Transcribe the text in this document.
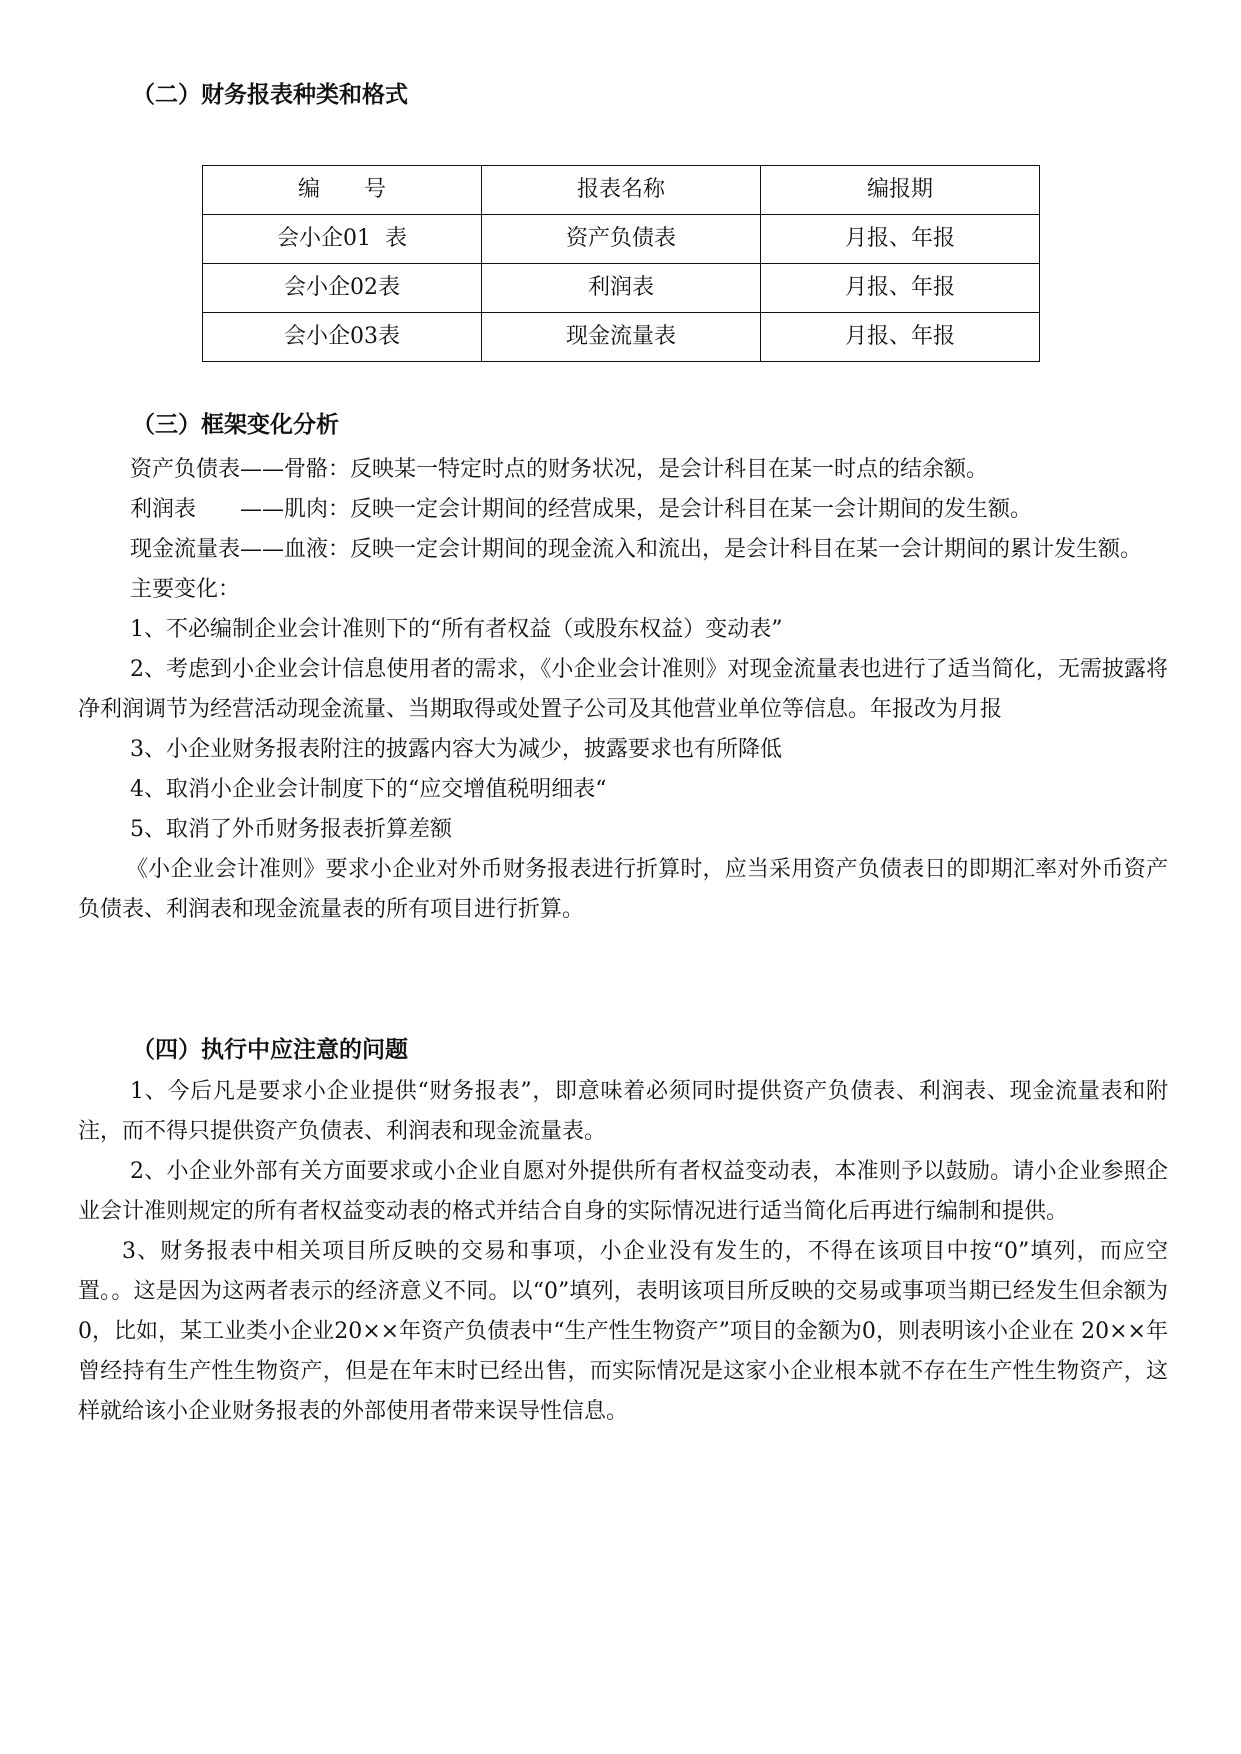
（二）财务报表种类和格式
编　　号	报表名称	编报期
会小企01  表	资产负债表	月报、年报
会小企02表	利润表	月报、年报
会小企03表	现金流量表	月报、年报
（三）框架变化分析

资产负债表——骨骼：反映某一特定时点的财务状况，是会计科目在某一时点的结余额。

利润表　　——肌肉：反映一定会计期间的经营成果，是会计科目在某一会计期间的发生额。

现金流量表——血液：反映一定会计期间的现金流入和流出，是会计科目在某一会计期间的累计发生额。

主要变化：

1、不必编制企业会计准则下的“所有者权益（或股东权益）变动表”

2、考虑到小企业会计信息使用者的需求，《小企业会计准则》对现金流量表也进行了适当简化，无需披露将净利润调节为经营活动现金流量、当期取得或处置子公司及其他营业单位等信息。年报改为月报

3、小企业财务报表附注的披露内容大为减少，披露要求也有所降低

4、取消小企业会计制度下的“应交增值税明细表“

5、取消了外币财务报表折算差额

《小企业会计准则》要求小企业对外币财务报表进行折算时，应当采用资产负债表日的即期汇率对外币资产负债表、利润表和现金流量表的所有项目进行折算。

（四）执行中应注意的问题

1、今后凡是要求小企业提供“财务报表”，即意味着必须同时提供资产负债表、利润表、现金流量表和附注，而不得只提供资产负债表、利润表和现金流量表。

2、小企业外部有关方面要求或小企业自愿对外提供所有者权益变动表，本准则予以鼓励。请小企业参照企业会计准则规定的所有者权益变动表的格式并结合自身的实际情况进行适当简化后再进行编制和提供。

3、财务报表中相关项目所反映的交易和事项，小企业没有发生的，不得在该项目中按“0”填列，而应空置。。这是因为这两者表示的经济意义不同。以“0”填列，表明该项目所反映的交易或事项当期已经发生但余额为0，比如，某工业类小企业20××年资产负债表中“生产性生物资产”项目的金额为0，则表明该小企业在 20××年曾经持有生产性生物资产，但是在年末时已经出售，而实际情况是这家小企业根本就不存在生产性生物资产，这样就给该小企业财务报表的外部使用者带来误导性信息。
